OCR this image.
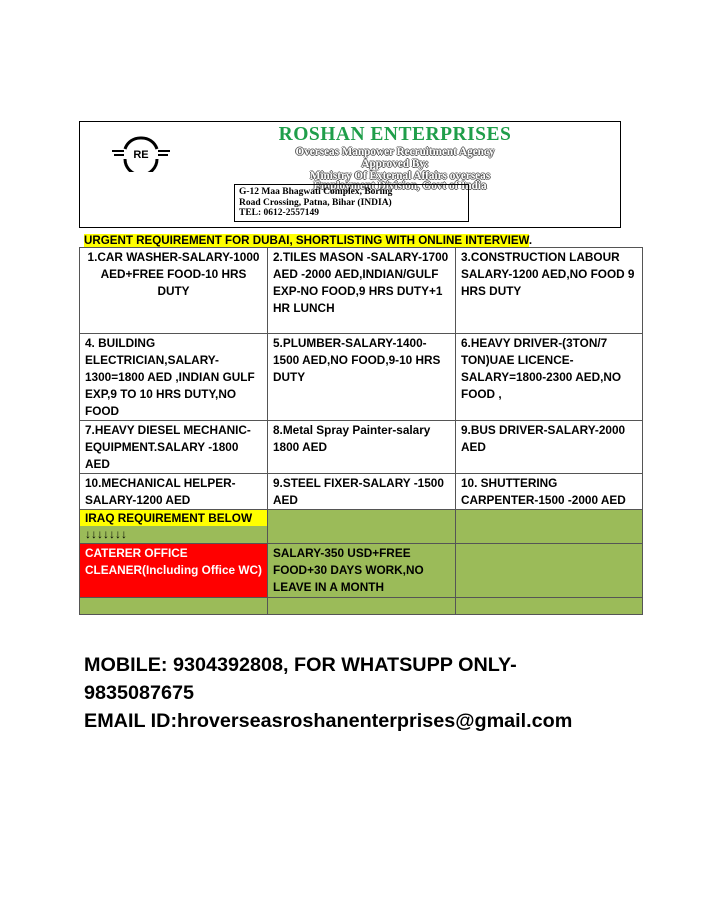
RE
ROSHAN ENTERPRISES
Overseas Manpower Recruitment Agency
Approved By:
Ministry Of External Affairs overseas
Employment Division, Govt of India
G-12 Maa Bhagwati Complex, Boring
Road Crossing, Patna, Bihar (INDIA)
TEL: 0612-2557149
URGENT REQUIREMENT FOR DUBAI, SHORTLISTING WITH ONLINE INTERVIEW.
1.CAR WASHER-SALARY-1000 AED+FREE FOOD-10 HRS DUTY	2.TILES MASON -SALARY-1700 AED -2000 AED,INDIAN/GULF EXP-NO FOOD,9 HRS DUTY+1 HR LUNCH	3.CONSTRUCTION LABOUR SALARY-1200 AED,NO FOOD 9 HRS DUTY
4. BUILDING ELECTRICIAN,SALARY-1300=1800 AED ,INDIAN GULF EXP,9 TO 10 HRS DUTY,NO FOOD	5.PLUMBER-SALARY-1400-1500 AED,NO FOOD,9-10 HRS DUTY	6.HEAVY DRIVER-(3TON/7 TON)UAE LICENCE-SALARY=1800-2300 AED,NO FOOD ,
7.HEAVY DIESEL MECHANIC-EQUIPMENT.SALARY -1800 AED	8.Metal Spray Painter-salary 1800 AED	9.BUS DRIVER-SALARY-2000 AED
10.MECHANICAL HELPER-SALARY-1200 AED	9.STEEL FIXER-SALARY -1500 AED	10. SHUTTERING CARPENTER-1500 -2000 AED

IRAQ REQUIREMENT BELOW
↓↓↓↓↓↓↓		

CATERER OFFICE CLEANER(Including Office WC)	SALARY-350 USD+FREE FOOD+30 DAYS WORK,NO LEAVE IN A MONTH	

MOBILE: 9304392808, FOR WHATSUPP ONLY-

9835087675

EMAIL ID:hroverseasroshanenterprises@gmail.com
